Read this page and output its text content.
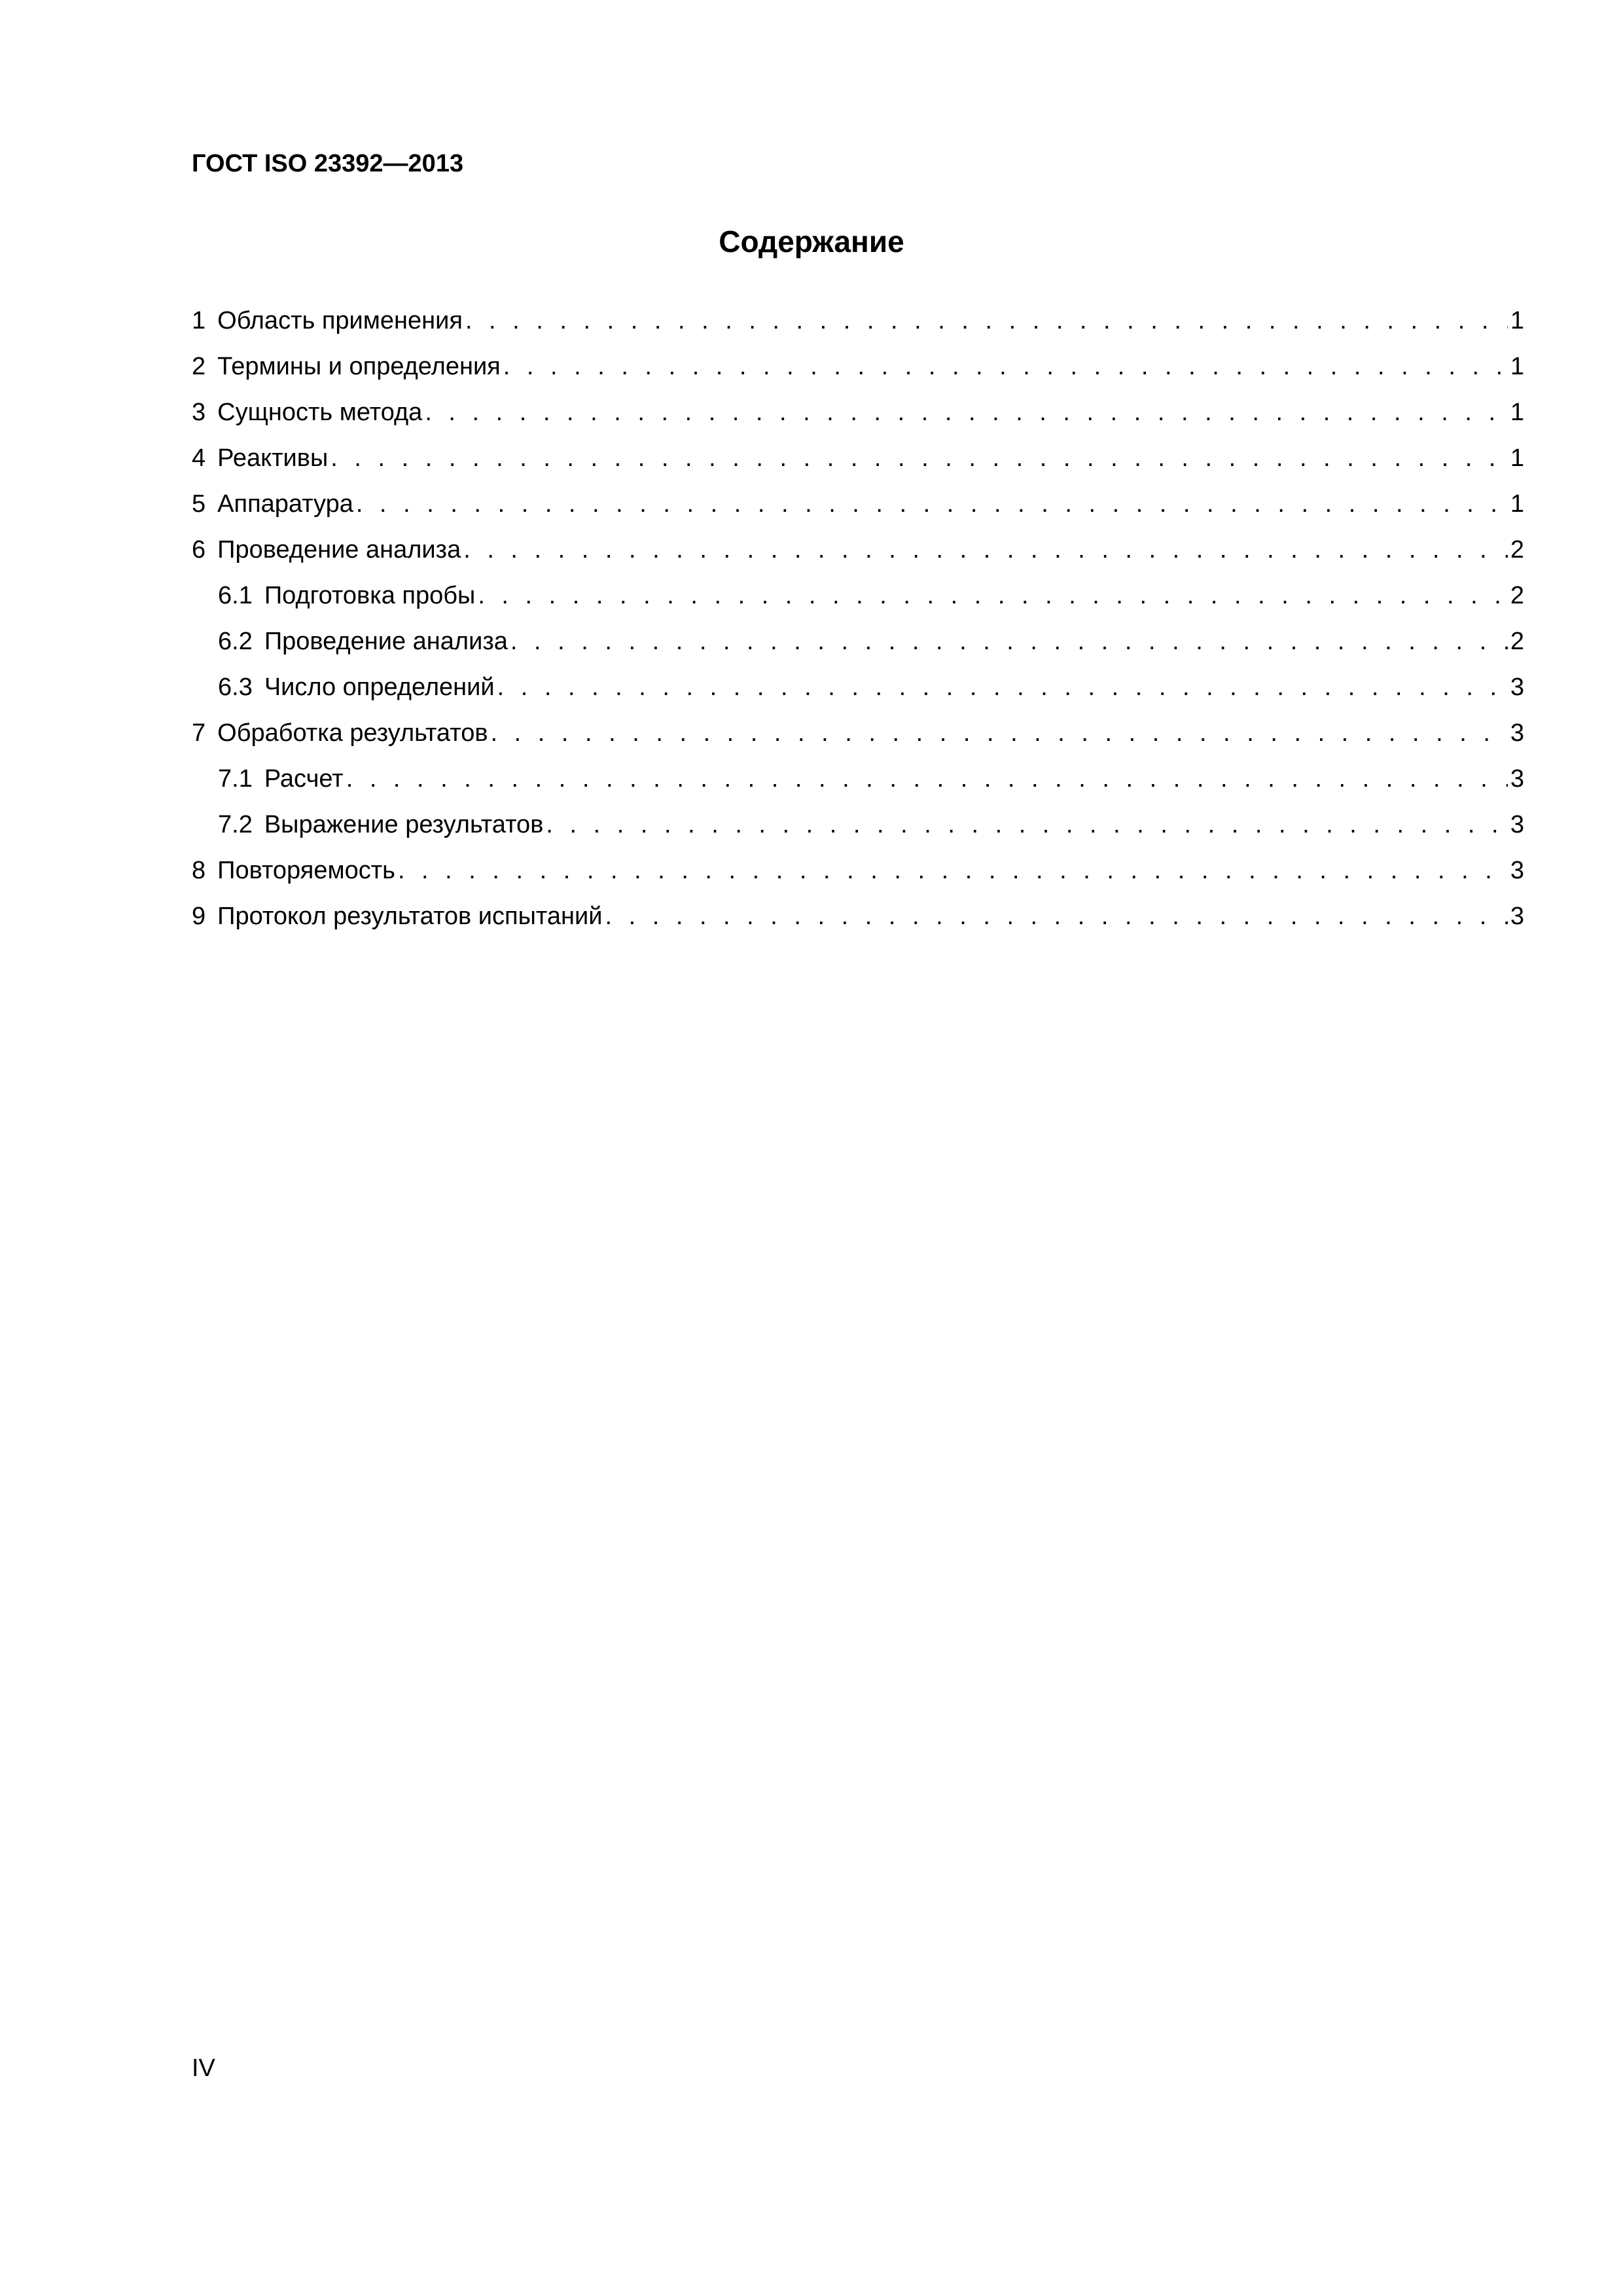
ГОСТ ISO 23392—2013
Содержание
1 Область применения . . .	1
2 Термины и определения . . .	1
3 Сущность метода . . .	1
4 Реактивы . . .	1
5 Аппаратура . . .	1
6 Проведение анализа . . .	2
6.1 Подготовка пробы . . .	2
6.2 Проведение анализа . . .	2
6.3 Число определений . . .	3
7 Обработка результатов . . .	3
7.1 Расчет . . .	3
7.2 Выражение результатов . . .	3
8 Повторяемость . . .	3
9 Протокол результатов испытаний . . .	3
IV
